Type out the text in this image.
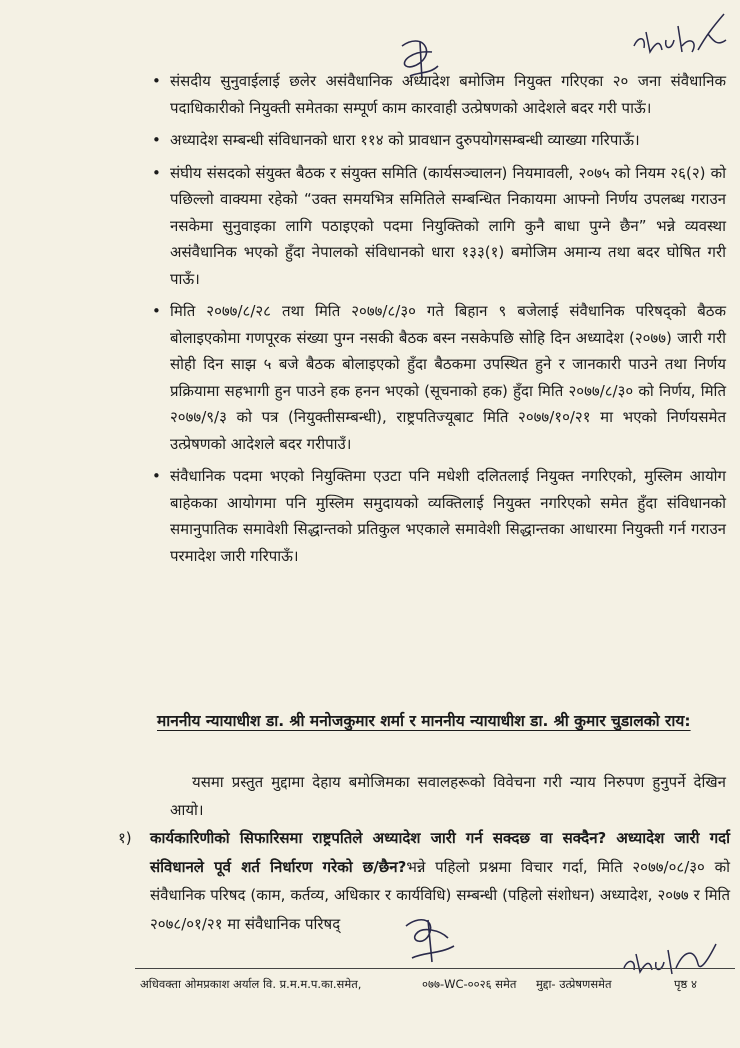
• संसदीय सुनुवाईलाई छलेर असंवैधानिक अध्यादेश बमोजिम नियुक्त गरिएका २० जना संवैधानिक पदाधिकारीको नियुक्ती समेतका सम्पूर्ण काम कारवाही उत्प्रेषणको आदेशले बदर गरी पाऊँ।
• अध्यादेश सम्बन्धी संविधानको धारा ११४ को प्रावधान दुरुपयोगसम्बन्धी व्याख्या गरिपाऊँ।
• संघीय संसदको संयुक्त बैठक र संयुक्त समिति (कार्यसञ्चालन) नियमावली, २०७५ को नियम २६(२) को पछिल्लो वाक्यमा रहेको “उक्त समयभित्र समितिले सम्बन्धित निकायमा आफ्नो निर्णय उपलब्ध गराउन नसकेमा सुनुवाइका लागि पठाइएको पदमा नियुक्तिको लागि कुनै बाधा पुग्ने छैन” भन्ने व्यवस्था असंवैधानिक भएको हुँदा नेपालको संविधानको धारा १३३(१) बमोजिम अमान्य तथा बदर घोषित गरी पाऊँ।
• मिति २०७७/८/२८ तथा मिति २०७७/८/३० गते बिहान ९ बजेलाई संवैधानिक परिषद्को बैठक बोलाइएकोमा गणपूरक संख्या पुग्न नसकी बैठक बस्न नसकेपछि सोहि दिन अध्यादेश (२०७७) जारी गरी सोही दिन साझ ५ बजे बैठक बोलाइएको हुँदा बैठकमा उपस्थित हुने र जानकारी पाउने तथा निर्णय प्रक्रियामा सहभागी हुन पाउने हक हनन भएको (सूचनाको हक) हुँदा मिति २०७७/८/३० को निर्णय, मिति २०७७/९/३ को पत्र (नियुक्तीसम्बन्धी), राष्ट्रपतिज्यूबाट मिति २०७७/१०/२१ मा भएको निर्णयसमेत उत्प्रेषणको आदेशले बदर गरीपाउँ।
• संवैधानिक पदमा भएको नियुक्तिमा एउटा पनि मधेशी दलितलाई नियुक्त नगरिएको, मुस्लिम आयोग बाहेकका आयोगमा पनि मुस्लिम समुदायको व्यक्तिलाई नियुक्त नगरिएको समेत हुँदा संविधानको समानुपातिक समावेशी सिद्धान्तको प्रतिकुल भएकाले समावेशी सिद्धान्तका आधारमा नियुक्ती गर्न गराउन परमादेश जारी गरिपाऊँ।
माननीय न्यायाधीश डा. श्री मनोजकुमार शर्मा र माननीय न्यायाधीश डा. श्री कुमार चुडालको राय:
यसमा प्रस्तुत मुद्दामा देहाय बमोजिमका सवालहरूको विवेचना गरी न्याय निरुपण हुनुपर्ने देखिन आयो।
१) कार्यकारिणीको सिफारिसमा राष्ट्रपतिले अध्यादेश जारी गर्न सक्दछ वा सक्दैन? अध्यादेश जारी गर्दा संविधानले पूर्व शर्त निर्धारण गरेको छ/छैन?भन्ने पहिलो प्रश्नमा विचार गर्दा, मिति २०७७/०८/३० को संवैधानिक परिषद (काम, कर्तव्य, अधिकार र कार्यविधि) सम्बन्धी (पहिलो संशोधन) अध्यादेश, २०७७ र मिति २०७८/०१/२१ मा संवैधानिक परिषद्
अधिवक्ता ओमप्रकाश अर्याल वि. प्र.म.म.प.का.समेत,	०७७-WC-००२६ समेत मुद्दा- उत्प्रेषणसमेत	पृष्ठ ४
